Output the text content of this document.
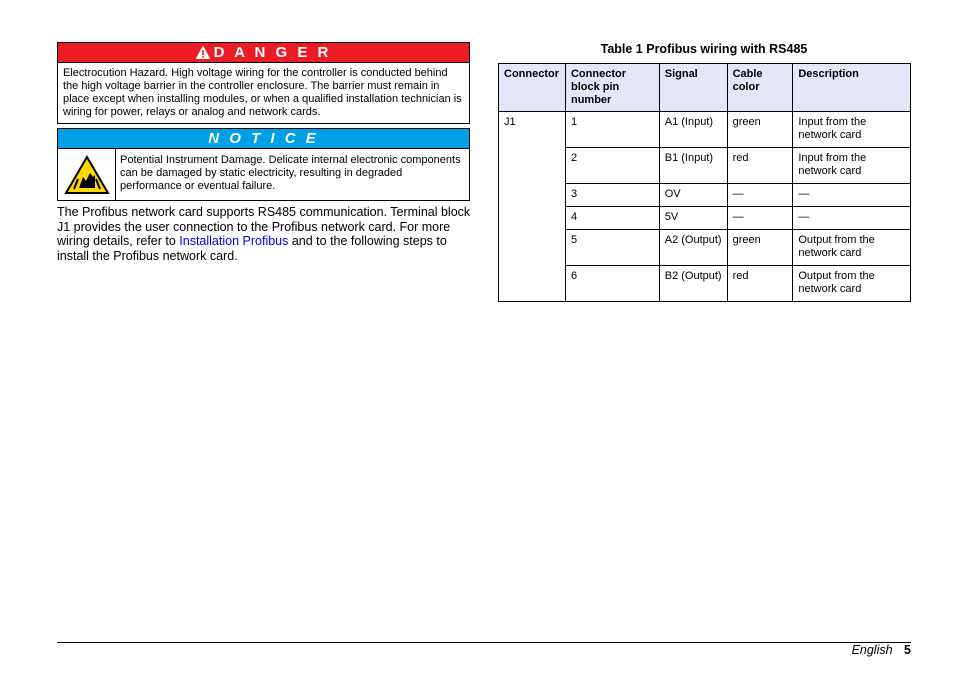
D A N G E R
Electrocution Hazard. High voltage wiring for the controller is conducted behind the high voltage barrier in the controller enclosure. The barrier must remain in place except when installing modules, or when a qualified installation technician is wiring for power, relays or analog and network cards.
N O T I C E
Potential Instrument Damage. Delicate internal electronic components can be damaged by static electricity, resulting in degraded performance or eventual failure.
The Profibus network card supports RS485 communication. Terminal block J1 provides the user connection to the Profibus network card. For more wiring details, refer to Installation Profibus and to the following steps to install the Profibus network card.
Table 1 Profibus wiring with RS485
Connector	Connector block pin number	Signal	Cable color	Description
J1	1	A1 (Input)	green	Input from the network card
	2	B1 (Input)	red	Input from the network card
	3	OV	—	—
	4	5V	—	—
	5	A2 (Output)	green	Output from the network card
	6	B2 (Output)	red	Output from the network card
English 5
